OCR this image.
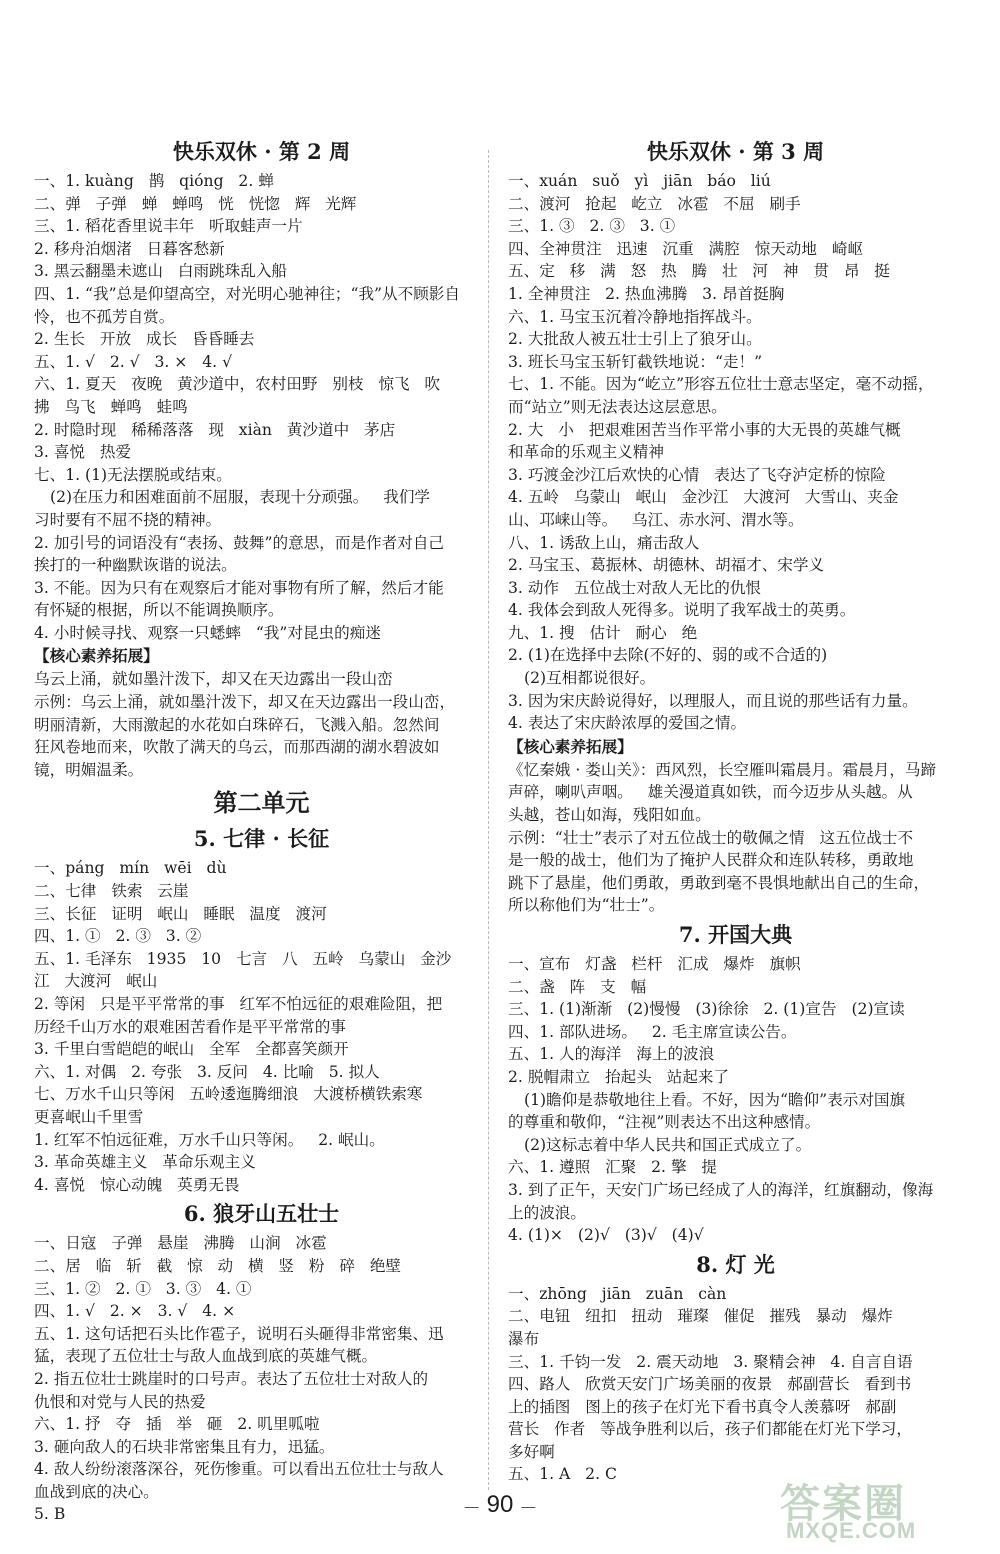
快乐双休 · 第 2 周
一、1. kuàng   鹊   qióng   2. 蝉
二、弹   子弹   蝉   蝉鸣   恍   恍惚   辉   光辉
三、1. 稻花香里说丰年   听取蛙声一片
2. 移舟泊烟渚   日暮客愁新
3. 黑云翻墨未遮山   白雨跳珠乱入船
四、1. “我”总是仰望高空，对光明心驰神往；“我”从不顾影自
怜，也不孤芳自赏。
2. 生长   开放   成长   昏昏睡去
五、1. √   2. √   3. ×   4. √
六、1. 夏天   夜晚   黄沙道中，农村田野   别枝   惊飞   吹
拂   鸟飞   蝉鸣   蛙鸣
2. 时隐时现   稀稀落落   现   xiàn   黄沙道中   茅店
3. 喜悦   热爱
七、1. (1)无法摆脱或结束。
(2)在压力和困难面前不屈服，表现十分顽强。   我们学
习时要有不屈不挠的精神。
2. 加引号的词语没有“表扬、鼓舞”的意思，而是作者对自己
挨打的一种幽默诙谐的说法。
3. 不能。因为只有在观察后才能对事物有所了解，然后才能
有怀疑的根据，所以不能调换顺序。
4. 小时候寻找、观察一只蟋蟀   “我”对昆虫的痴迷
【核心素养拓展】
乌云上涌，就如墨汁泼下，却又在天边露出一段山峦
示例：乌云上涌，就如墨汁泼下，却又在天边露出一段山峦，
明丽清新，大雨激起的水花如白珠碎石，飞溅入船。忽然间
狂风卷地而来，吹散了满天的乌云，而那西湖的湖水碧波如
镜，明媚温柔。
第二单元
5. 七律 · 长征
一、páng   mín   wēi   dù
二、七律   铁索   云崖
三、长征   证明   岷山   睡眠   温度   渡河
四、1. ①   2. ③   3. ②
五、1. 毛泽东   1935   10   七言   八   五岭   乌蒙山   金沙
江   大渡河   岷山
2. 等闲   只是平平常常的事   红军不怕远征的艰难险阻，把
历经千山万水的艰难困苦看作是平平常常的事
3. 千里白雪皑皑的岷山   全军   全都喜笑颜开
六、1. 对偶   2. 夸张   3. 反问   4. 比喻   5. 拟人
七、万水千山只等闲   五岭逶迤腾细浪   大渡桥横铁索寒
更喜岷山千里雪
1. 红军不怕远征难，万水千山只等闲。   2. 岷山。
3. 革命英雄主义   革命乐观主义
4. 喜悦   惊心动魄   英勇无畏
6. 狼牙山五壮士
一、日寇   子弹   悬崖   沸腾   山涧   冰雹
二、居   临   斩   截   惊   动   横   竖   粉   碎   绝壁
三、1. ②   2. ①   3. ③   4. ①
四、1. √   2. ×   3. √   4. ×
五、1. 这句话把石头比作雹子，说明石头砸得非常密集、迅
猛，表现了五位壮士与敌人血战到底的英雄气概。
2. 指五位壮士跳崖时的口号声。表达了五位壮士对敌人的
仇恨和对党与人民的热爱
六、1. 抒   夺   插   举   砸   2. 叽里呱啦
3. 砸向敌人的石块非常密集且有力，迅猛。
4. 敌人纷纷滚落深谷，死伤惨重。可以看出五位壮士与敌人
血战到底的决心。
5. B
快乐双休 · 第 3 周
一、xuán   suǒ   yì   jiān   báo   liú
二、渡河   抢起   屹立   冰雹   不屈   刷手
三、1. ③   2. ③   3. ①
四、全神贯注   迅速   沉重   满腔   惊天动地   崎岖
五、定   移   满   怒   热   腾   壮   河   神   贯   昂   挺
1. 全神贯注   2. 热血沸腾   3. 昂首挺胸
六、1. 马宝玉沉着冷静地指挥战斗。
2. 大批敌人被五壮士引上了狼牙山。
3. 班长马宝玉斩钉截铁地说：“走！”
七、1. 不能。因为“屹立”形容五位壮士意志坚定，毫不动摇，
而“站立”则无法表达这层意思。
2. 大   小   把艰难困苦当作平常小事的大无畏的英雄气概
和革命的乐观主义精神
3. 巧渡金沙江后欢快的心情   表达了飞夺泸定桥的惊险
4. 五岭   乌蒙山   岷山   金沙江   大渡河   大雪山、夹金
山、邛崃山等。   乌江、赤水河、渭水等。
八、1. 诱敌上山，痛击敌人
2. 马宝玉、葛振林、胡德林、胡福才、宋学义
3. 动作   五位战士对敌人无比的仇恨
4. 我体会到敌人死得多。说明了我军战士的英勇。
九、1. 搜   估计   耐心   绝
2. (1)在选择中去除(不好的、弱的或不合适的)
(2)互相都说很好。
3. 因为宋庆龄说得好，以理服人，而且说的那些话有力量。
4. 表达了宋庆龄浓厚的爱国之情。
【核心素养拓展】
《忆秦娥 · 娄山关》：西风烈，长空雁叫霜晨月。霜晨月，马蹄
声碎，喇叭声咽。   雄关漫道真如铁，而今迈步从头越。从
头越，苍山如海，残阳如血。
示例：“壮士”表示了对五位战士的敬佩之情   这五位战士不
是一般的战士，他们为了掩护人民群众和连队转移，勇敢地
跳下了悬崖，他们勇敢，勇敢到毫不畏惧地献出自己的生命，
所以称他们为“壮士”。
7. 开国大典
一、宣布   灯盏   栏杆   汇成   爆炸   旗帜
二、盏   阵   支   幅
三、1. (1)渐渐   (2)慢慢   (3)徐徐   2. (1)宣告   (2)宣读
四、1. 部队进场。   2. 毛主席宣读公告。
五、1. 人的海洋   海上的波浪
2. 脱帽肃立   抬起头   站起来了
(1)瞻仰是恭敬地往上看。不好，因为“瞻仰”表示对国旗
的尊重和敬仰，“注视”则表达不出这种感情。
(2)这标志着中华人民共和国正式成立了。
六、1. 遵照   汇聚   2. 擎   提
3. 到了正午，天安门广场已经成了人的海洋，红旗翻动，像海
上的波浪。
4. (1)×   (2)√   (3)√   (4)√
8. 灯 光
一、zhōng   jiān   zuān   càn
二、电钮   纽扣   扭动   璀璨   催促   摧残   暴动   爆炸
瀑布
三、1. 千钧一发   2. 震天动地   3. 聚精会神   4. 自言自语
四、路人   欣赏天安门广场美丽的夜景   郝副营长   看到书
上的插图   图上的孩子在灯光下看书真令人羡慕呀   郝副
营长   作者   等战争胜利以后，孩子们都能在灯光下学习，
多好啊
五、1. A   2. C
— 90 —	答案圈
MXQE.COM
